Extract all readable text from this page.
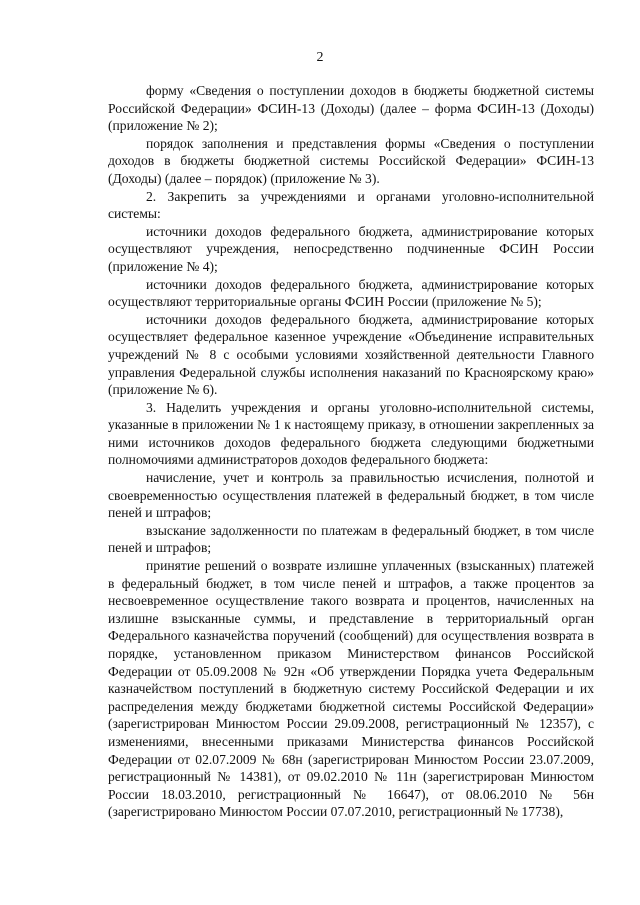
2

форму «Сведения о поступлении доходов в бюджеты бюджетной системы Российской Федерации» ФСИН-13 (Доходы) (далее – форма ФСИН-13 (Доходы) (приложение № 2);

порядок заполнения и представления формы «Сведения о поступлении доходов в бюджеты бюджетной системы Российской Федерации» ФСИН-13 (Доходы) (далее – порядок) (приложение № 3).

2. Закрепить за учреждениями и органами уголовно-исполнительной системы:

источники доходов федерального бюджета, администрирование которых осуществляют учреждения, непосредственно подчиненные ФСИН России (приложение № 4);

источники доходов федерального бюджета, администрирование которых осуществляют территориальные органы ФСИН России (приложение № 5);

источники доходов федерального бюджета, администрирование которых осуществляет федеральное казенное учреждение «Объединение исправительных учреждений № 8 с особыми условиями хозяйственной деятельности Главного управления Федеральной службы исполнения наказаний по Красноярскому краю» (приложение № 6).

3. Наделить учреждения и органы уголовно-исполнительной системы, указанные в приложении № 1 к настоящему приказу, в отношении закрепленных за ними источников доходов федерального бюджета следующими бюджетными полномочиями администраторов доходов федерального бюджета:

начисление, учет и контроль за правильностью исчисления, полнотой и своевременностью осуществления платежей в федеральный бюджет, в том числе пеней и штрафов;

взыскание задолженности по платежам в федеральный бюджет, в том числе пеней и штрафов;

принятие решений о возврате излишне уплаченных (взысканных) платежей в федеральный бюджет, в том числе пеней и штрафов, а также процентов за несвоевременное осуществление такого возврата и процентов, начисленных на излишне взысканные суммы, и представление в территориальный орган Федерального казначейства поручений (сообщений) для осуществления возврата в порядке, установленном приказом Министерством финансов Российской Федерации от 05.09.2008 № 92н «Об утверждении Порядка учета Федеральным казначейством поступлений в бюджетную систему Российской Федерации и их распределения между бюджетами бюджетной системы Российской Федерации» (зарегистрирован Минюстом России 29.09.2008, регистрационный № 12357), с изменениями, внесенными приказами Министерства финансов Российской Федерации от 02.07.2009 № 68н (зарегистрирован Минюстом России 23.07.2009, регистрационный № 14381), от 09.02.2010 № 11н (зарегистрирован Минюстом России 18.03.2010, регистрационный № 16647), от 08.06.2010 № 56н (зарегистрировано Минюстом России 07.07.2010, регистрационный № 17738),
